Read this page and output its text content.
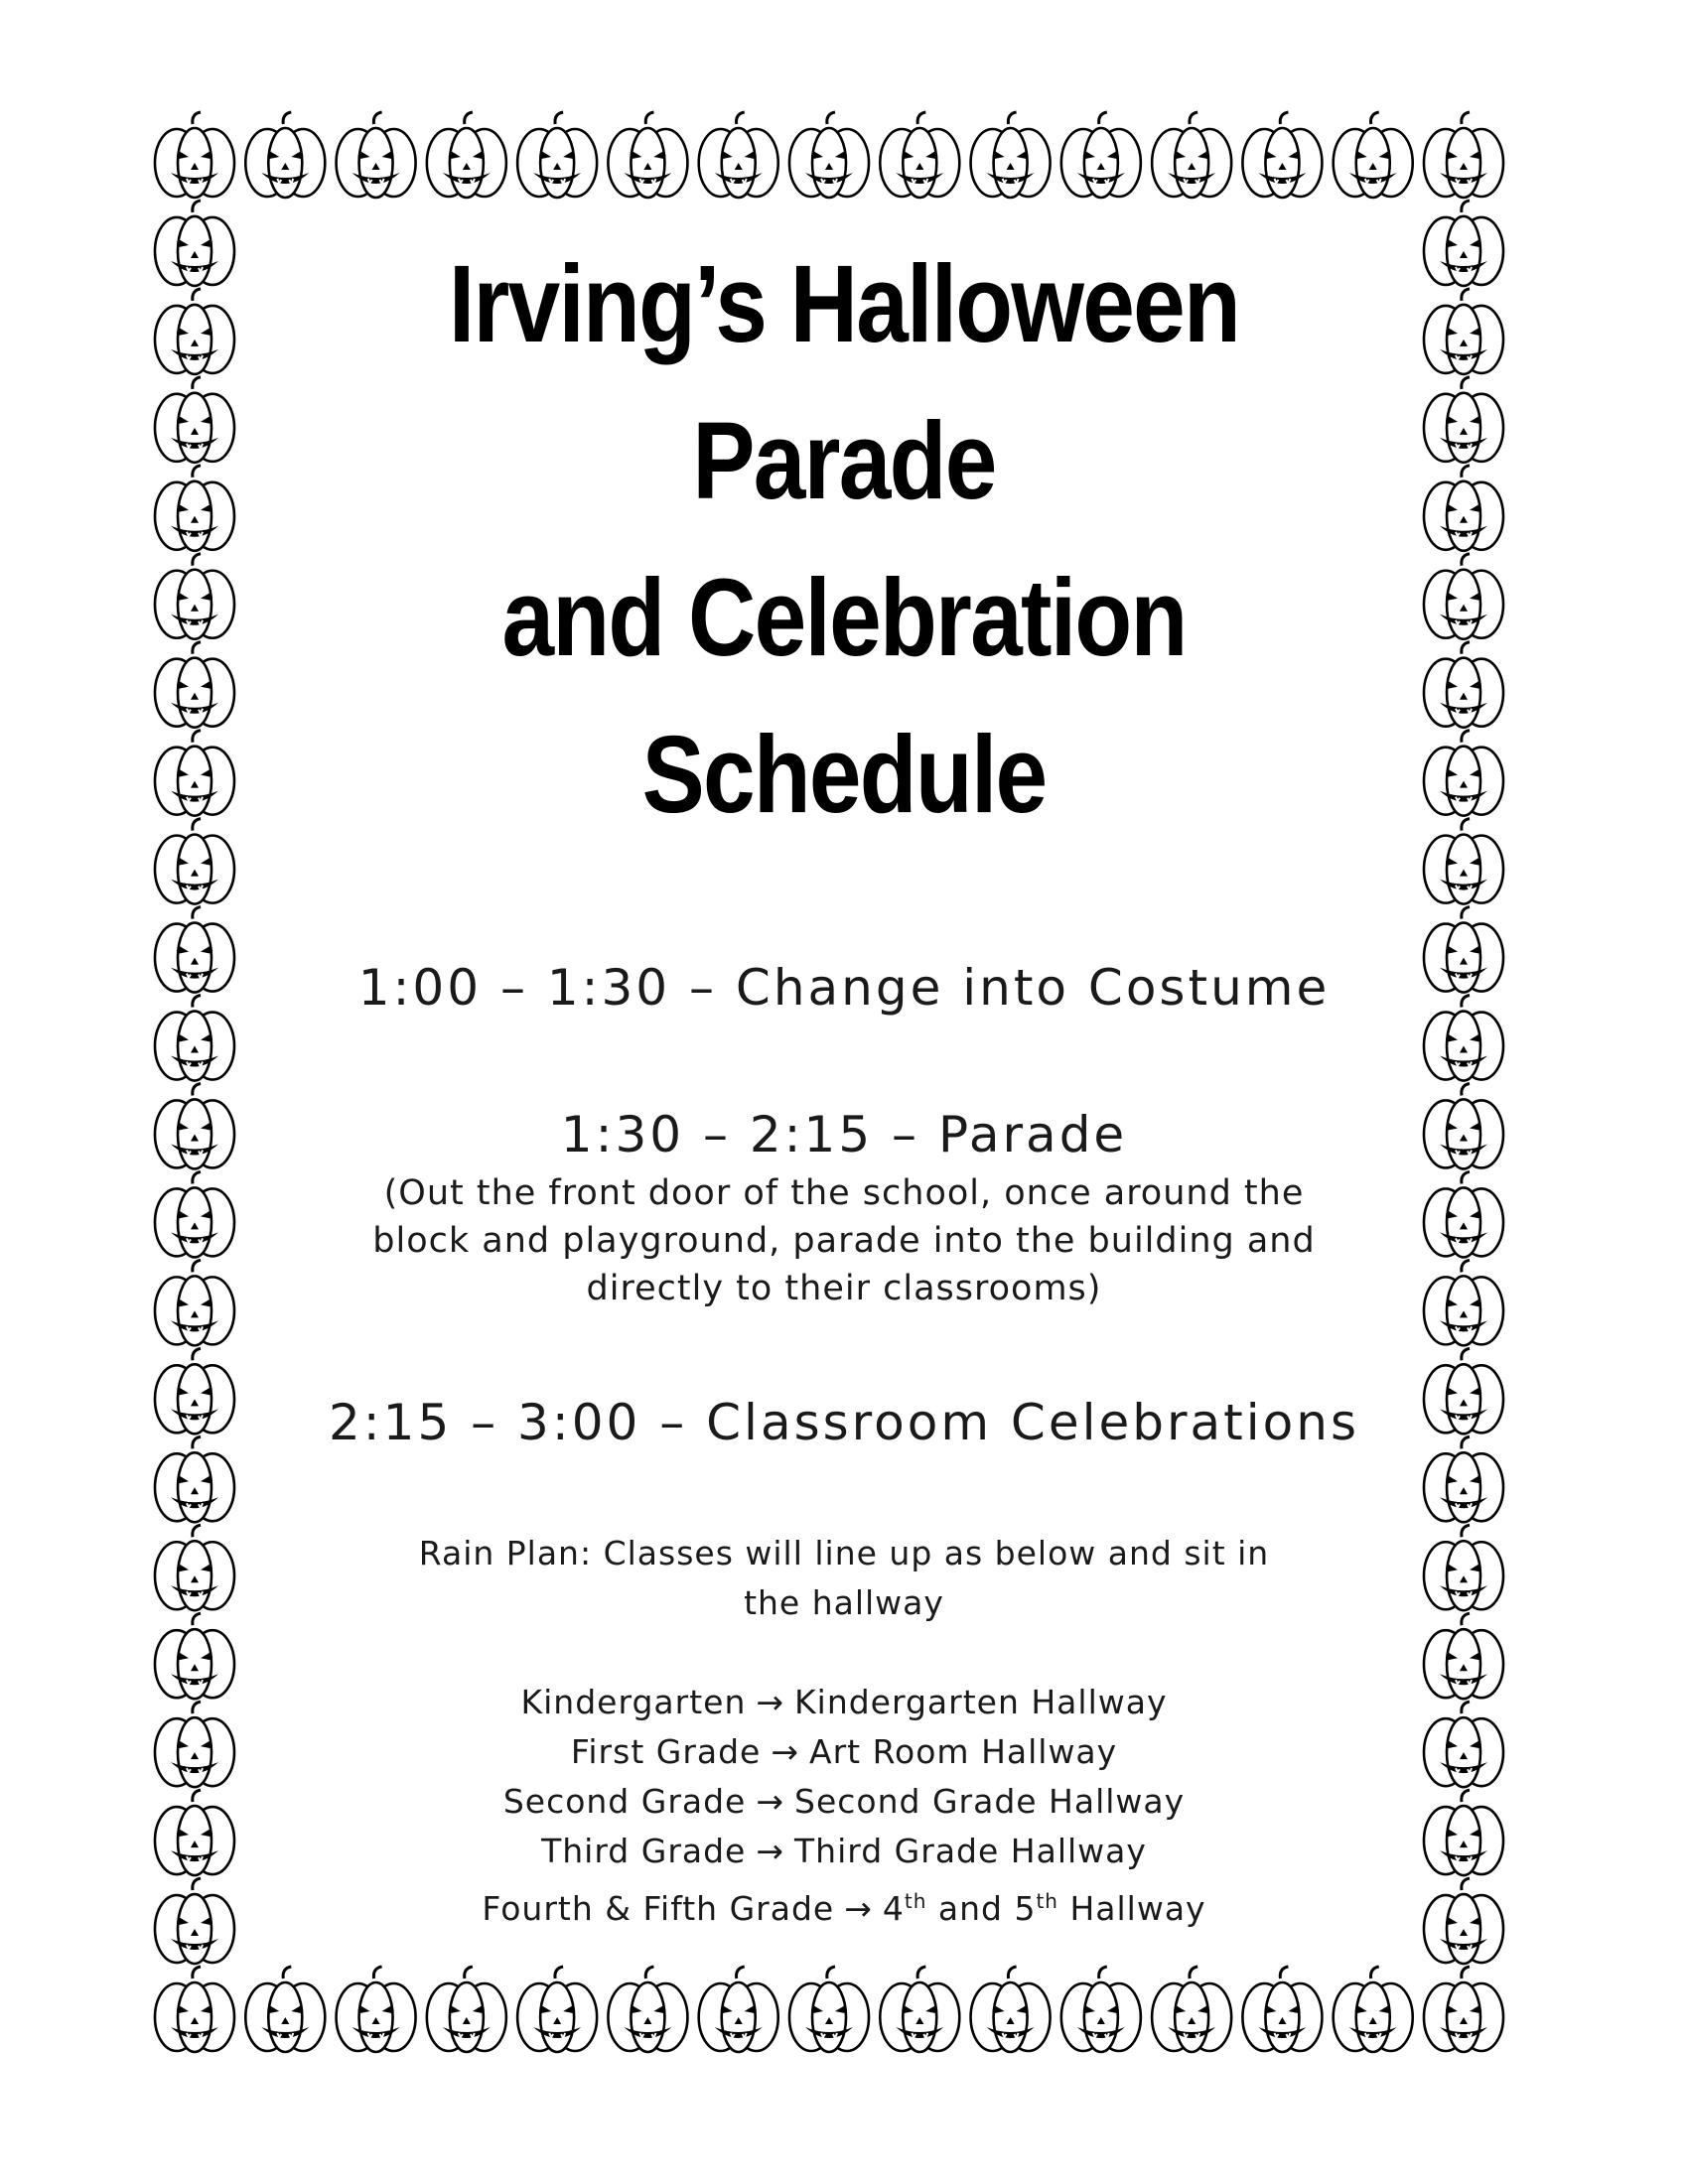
Irving’s Halloween
Parade
and Celebration
Schedule
1:00 – 1:30 – Change into Costume
1:30 – 2:15 – Parade
(Out the front door of the school, once around the
block and playground, parade into the building and
directly to their classrooms)
2:15 – 3:00 – Classroom Celebrations
Rain Plan: Classes will line up as below and sit in
the hallway
Kindergarten → Kindergarten Hallway
First Grade → Art Room Hallway
Second Grade → Second Grade Hallway
Third Grade → Third Grade Hallway
Fourth & Fifth Grade → 4th and 5th Hallway
